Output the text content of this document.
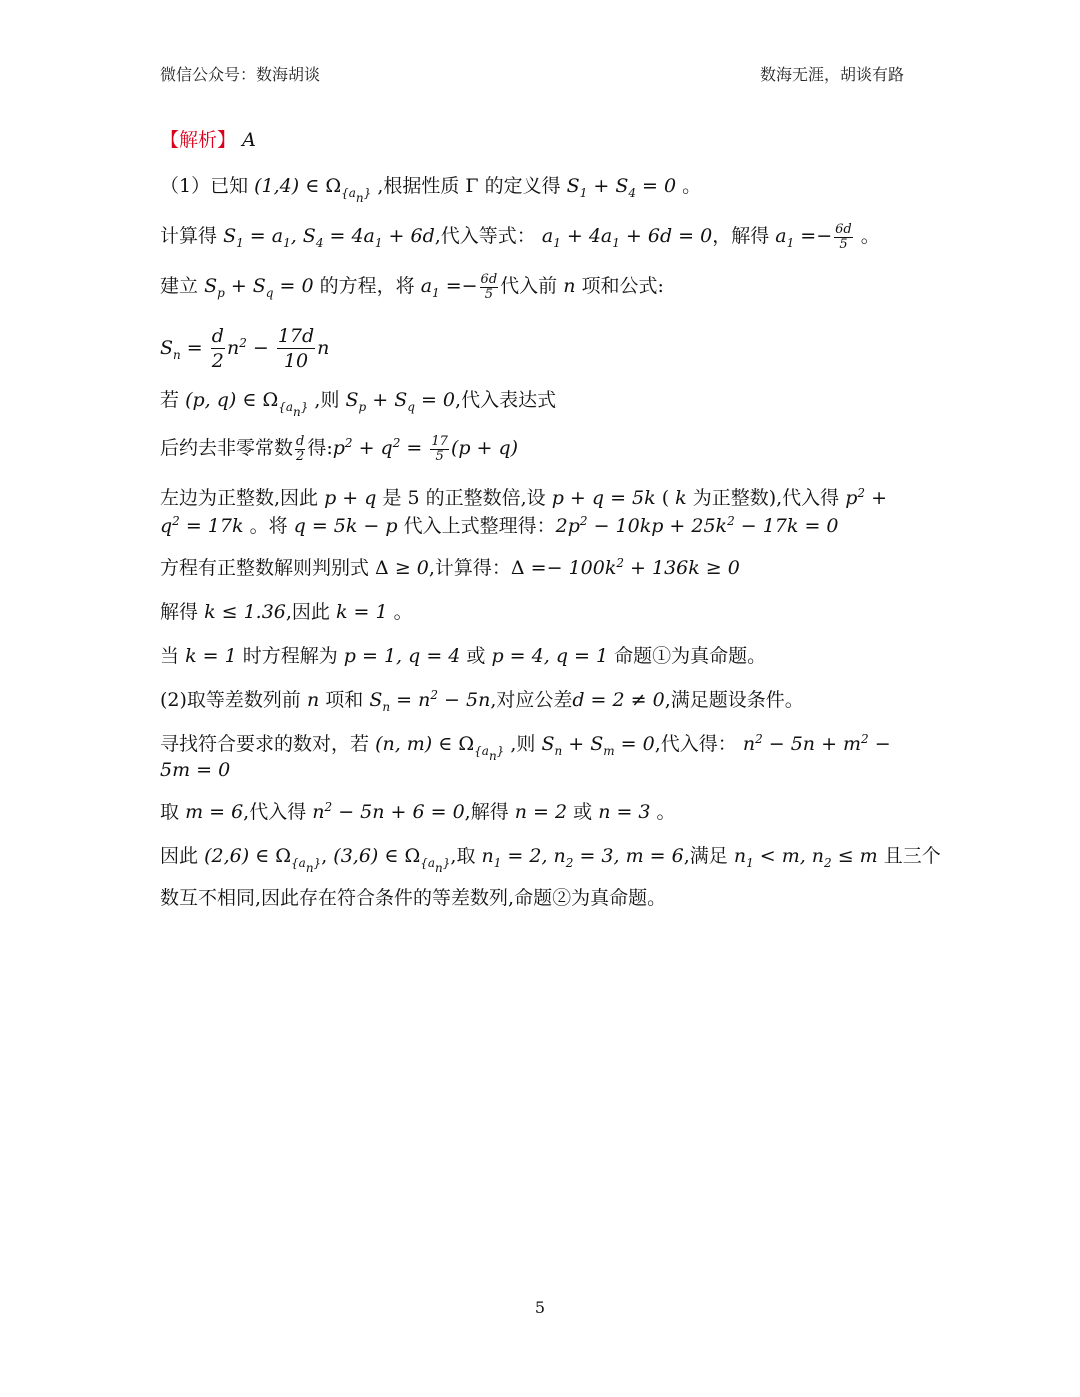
微信公众号：数海胡谈	数海无涯，胡谈有路
【解析】 A
（1）已知 (1,4) ∈ $\Omega_{\{a_n\}}$ ,根据性质 Γ 的定义得 $S_1 + S_4 = 0$ 。
计算得 $S_1 = a_1$, $S_4 = 4a_1 + 6d$,代入等式： $a_1 + 4a_1 + 6d = 0$，解得 $a_1 =- \frac{6d}{5}$ 。
建立 $S_p + S_q = 0$ 的方程，将 $a_1 =- \frac{6d}{5}$ 代入前 n 项和公式:
$S_n = \frac{d}{2} n^2 - \frac{17d}{10}$ n
若 (p, q) ∈ $\Omega_{\{a_n\}}$ ,则 $S_p + S_q = 0$,代入表达式
后约去非零常数 $\frac{d}{2}$ 得$:p^2 + q^2 = \frac{17}{5} (p + q)$
左边为正整数,因此 p + q 是 5 的正整数倍,设 p + q = 5k ( k 为正整数),代入得 $p^2$ +
$q^2 = 17k$ 。将 q = 5k − p 代入上式整理得：$2p^2 - 10kp + 25k^2 - 17k = 0$
方程有正整数解则判别式 Δ ≥ 0,计算得：$\Delta =- 100k^2 + 136k \ge 0$
解得 k ≤ 1.36,因此 k = 1 。
当 k = 1 时方程解为 p = 1, q = 4 或 p = 4, q = 1 命题①为真命题。
(2)取等差数列前 n 项和 $S_n = n^2 - 5n$,对应公差d = 2 ≠ 0,满足题设条件。
寻找符合要求的数对，若 (n, m) ∈ $\Omega_{\{a_n\}}$ ,则 $S_n + S_m = 0$,代入得： $n^2 - 5n + m^2$ −
5m = 0
取 m = 6,代入得 $n^2 - 5n + 6 = 0$,解得 n = 2 或 n = 3 。
因此 (2,6) ∈ $\Omega_{\{a_n\}}$, (3,6) ∈ $\Omega_{\{a_n\}}$,取 $n_1 = 2$, $n_2 = 3$, m = 6,满足 $n_1 < m$, $n_2 \le m$ 且三个
数互不相同,因此存在符合条件的等差数列,命题②为真命题。
5
